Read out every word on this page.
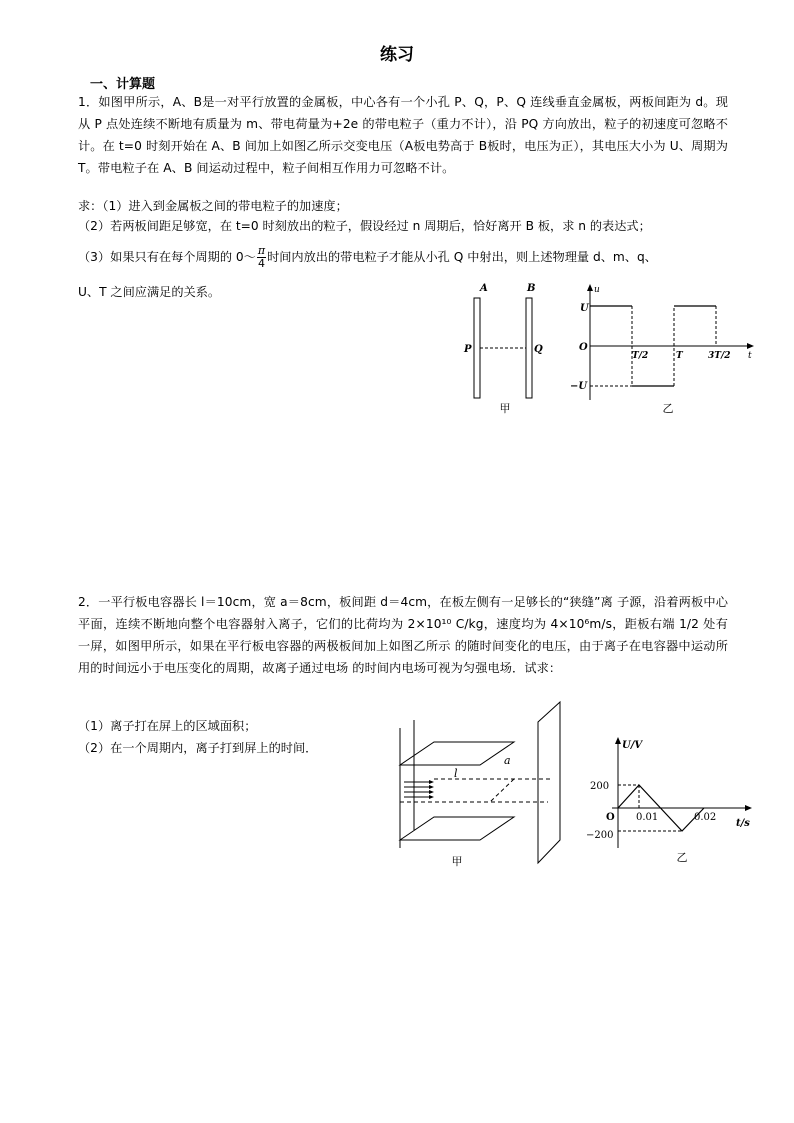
练习
一、计算题
1．如图甲所示，A、B是一对平行放置的金属板，中心各有一个小孔 P、Q，P、Q 连线垂直金属板，两板间距为 d。现从 P 点处连续不断地有质量为 m、带电荷量为+2e 的带电粒子（重力不计），沿 PQ 方向放出，粒子的初速度可忽略不计。在 t=0 时刻开始在 A、B 间加上如图乙所示交变电压（A板电势高于 B板时，电压为正），其电压大小为 U、周期为 T。带电粒子在 A、B 间运动过程中，粒子间相互作用力可忽略不计。
求：（1）进入到金属板之间的带电粒子的加速度；
（2）若两板间距足够宽，在 t=0 时刻放出的粒子，假设经过 n 周期后，恰好离开 B 板，求 n 的表达式；
（3）如果只有在每个周期的 0～ $\frac{\pi}{4}$ 时间内放出的带电粒子才能从小孔 Q 中射出，则上述物理量 d、m、q、
U、T 之间应满足的关系。	A	B
P	Q
甲
u
t
U
O
−U
T/2	T	3T/2
乙
2．一平行板电容器长 l＝10cm，宽 a＝8cm，板间距 d＝4cm，在板左侧有一足够长的“狭缝”离 子源，沿着两板中心平面，连续不断地向整个电容器射入离子，它们的比荷均为 2×10¹⁰ C/kg，速度均为 4×10⁶m/s，距板右端 1/2 处有一屏，如图甲所示，如果在平行板电容器的两极板间加上如图乙所示 的随时间变化的电压，由于离子在电容器中运动所用的时间远小于电压变化的周期，故离子通过电场 的时间内电场可视为匀强电场．试求：
（1）离子打在屏上的区域面积；
（2）在一个周期内，离子打到屏上的时间．
l
a
甲
U/V
t/s
O
200
−200
0.01	0.02
乙
